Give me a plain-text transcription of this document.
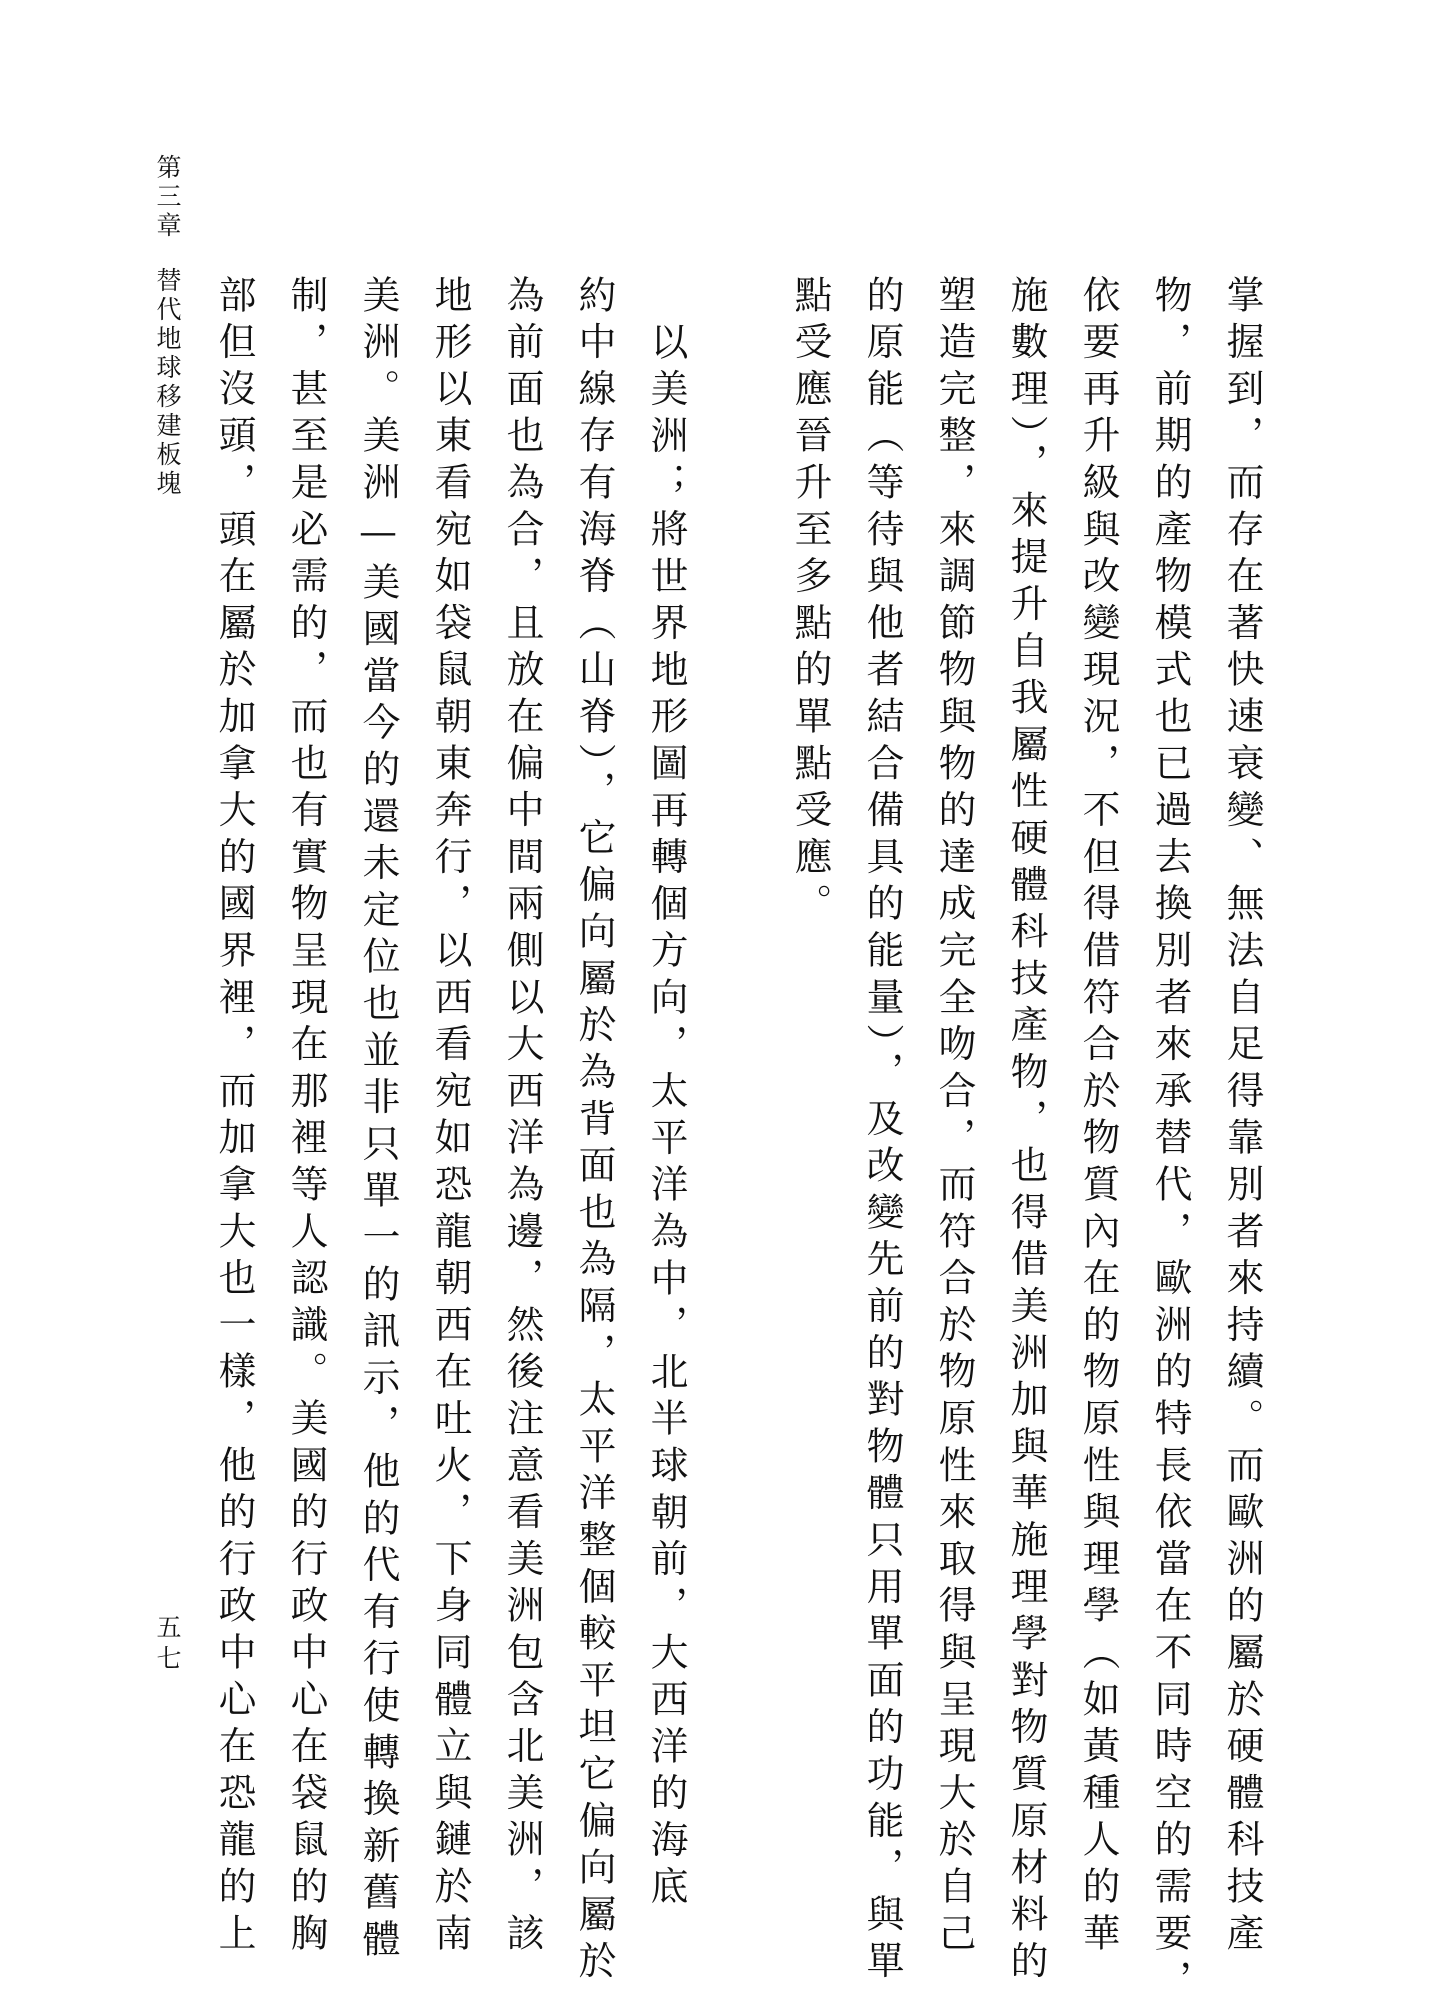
第三章替代地球移建板塊
五七	掌握到，而存在著快速衰變、無法自足得靠別者來持續。而歐洲的屬於硬體科技產
物，前期的產物模式也已過去換別者來承替代，歐洲的特長依當在不同時空的需要，
依要再升級與改變現況，不但得借符合於物質內在的物原性與理學（如黃種人的華
施數理），來提升自我屬性硬體科技產物，也得借美洲加與華施理學對物質原材料的
塑造完整，來調節物與物的達成完全吻合，而符合於物原性來取得與呈現大於自己
的原能（等待與他者結合備具的能量），及改變先前的對物體只用單面的功能，與單
點受應晉升至多點的單點受應。
以美洲；將世界地形圖再轉個方向，太平洋為中，北半球朝前，大西洋的海底
約中線存有海脊（山脊），它偏向屬於為背面也為隔，太平洋整個較平坦它偏向屬於
為前面也為合，且放在偏中間兩側以大西洋為邊，然後注意看美洲包含北美洲，該
地形以東看宛如袋鼠朝東奔行，以西看宛如恐龍朝西在吐火，下身同體立與鏈於南
美洲。美洲—美國當今的還未定位也並非只單一的訊示，他的代有行使轉換新舊體
制，甚至是必需的，而也有實物呈現在那裡等人認識。美國的行政中心在袋鼠的胸
部但沒頭，頭在屬於加拿大的國界裡，而加拿大也一樣，他的行政中心在恐龍的上
